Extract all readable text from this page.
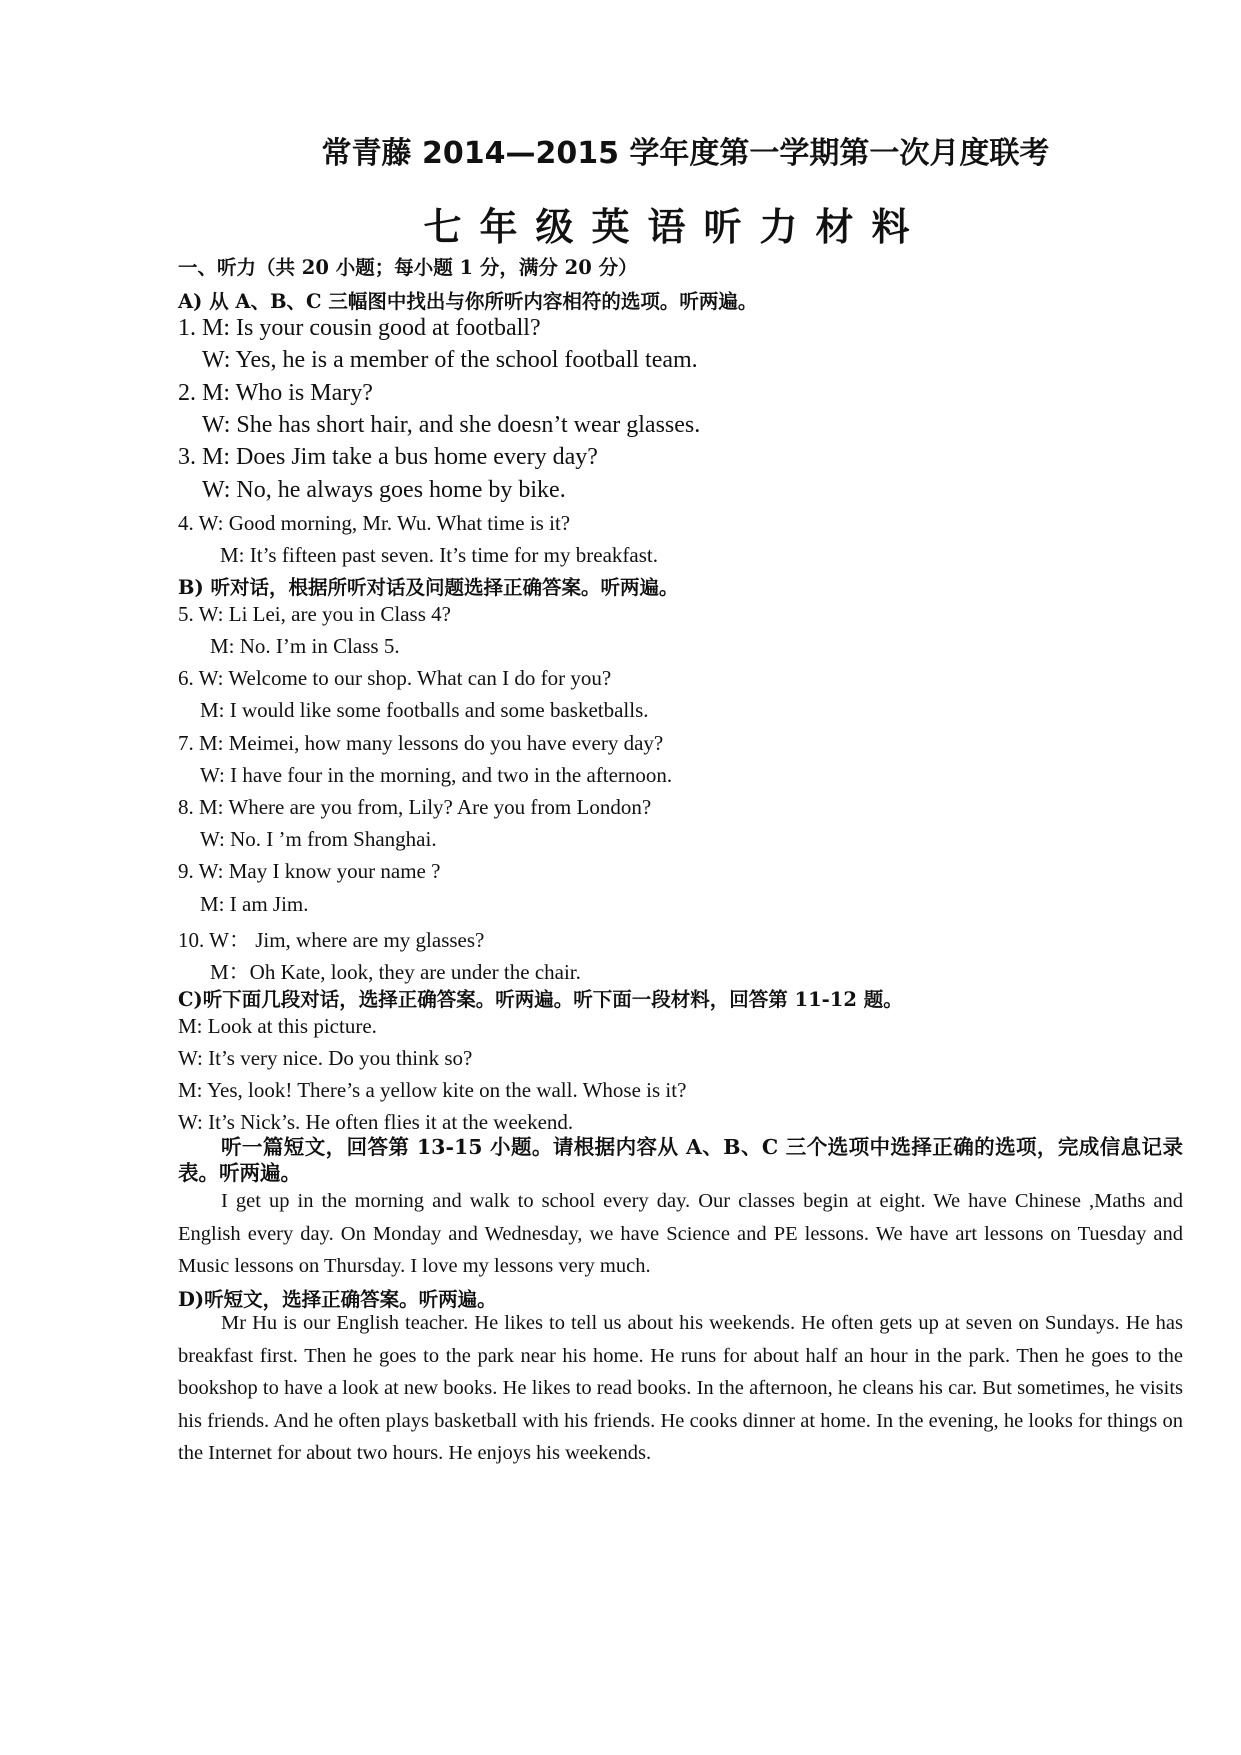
常青藤 2014—2015 学年度第一学期第一次月度联考
七年级英语听力材料
一、听力（共 20 小题；每小题 1 分，满分 20 分）
A) 从 A、B、C 三幅图中找出与你所听内容相符的选项。听两遍。
1. M: Is your cousin good at football?
W: Yes, he is a member of the school football team.
2. M: Who is Mary?
W: She has short hair, and she doesn’t wear glasses.
3. M: Does Jim take a bus home every day?
W: No, he always goes home by bike.
4. W: Good morning, Mr. Wu. What time is it?
M: It’s fifteen past seven. It’s time for my breakfast.
B) 听对话，根据所听对话及问题选择正确答案。听两遍。
5. W: Li Lei, are you in Class 4?
M: No. I’m in Class 5.
6. W: Welcome to our shop. What can I do for you?
M: I would like some footballs and some basketballs.
7. M: Meimei, how many lessons do you have every day?
W: I have four in the morning, and two in the afternoon.
8. M: Where are you from, Lily? Are you from London?
W: No. I ’m from Shanghai.
9. W: May I know your name ?
M: I am Jim.
10. W： Jim, where are my glasses?
M：Oh Kate, look, they are under the chair.
C)听下面几段对话，选择正确答案。听两遍。听下面一段材料，回答第 11-12 题。
M: Look at this picture.
W: It’s very nice. Do you think so?
M: Yes, look! There’s a yellow kite on the wall. Whose is it?
W: It’s Nick’s. He often flies it at the weekend.
听一篇短文，回答第 13-15 小题。请根据内容从 A、B、C 三个选项中选择正确的选项，完成信息记录表。听两遍。
I get up in the morning and walk to school every day. Our classes begin at eight. We have Chinese ,Maths and English every day. On Monday and Wednesday, we have Science and PE lessons. We have art lessons on Tuesday and Music lessons on Thursday. I love my lessons very much.
D)听短文，选择正确答案。听两遍。
Mr Hu is our English teacher. He likes to tell us about his weekends. He often gets up at seven on Sundays. He has breakfast first. Then he goes to the park near his home. He runs for about half an hour in the park. Then he goes to the bookshop to have a look at new books. He likes to read books. In the afternoon, he cleans his car. But sometimes, he visits his friends. And he often plays basketball with his friends. He cooks dinner at home. In the evening, he looks for things on the Internet for about two hours. He enjoys his weekends.
